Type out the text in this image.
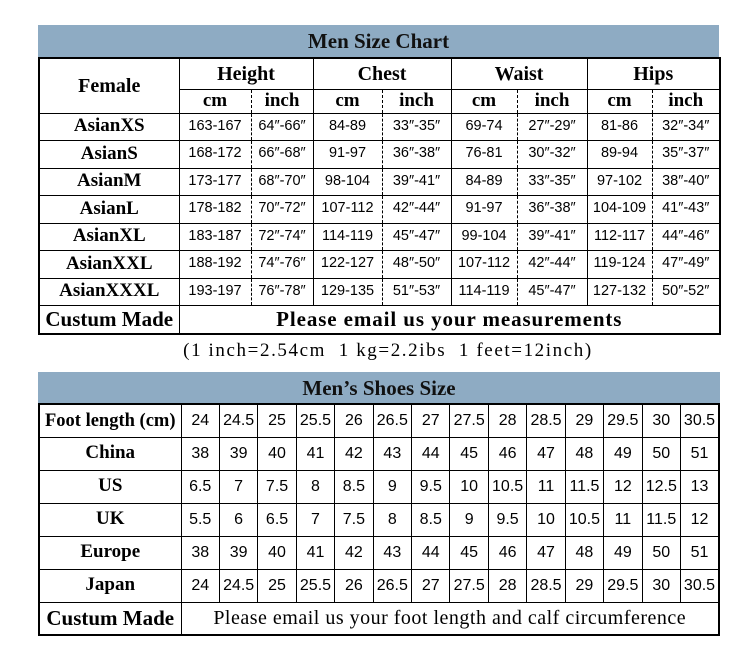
Men Size Chart
Female	Height		Chest		Waist		Hips	
	cm	inch	cm	inch	cm	inch	cm	inch
AsianXS	163-167	64″-66″	84-89	33″-35″	69-74	27″-29″	81-86	32″-34″
AsianS	168-172	66″-68″	91-97	36″-38″	76-81	30″-32″	89-94	35″-37″
AsianM	173-177	68″-70″	98-104	39″-41″	84-89	33″-35″	97-102	38″-40″
AsianL	178-182	70″-72″	107-112	42″-44″	91-97	36″-38″	104-109	41″-43″
AsianXL	183-187	72″-74″	114-119	45″-47″	99-104	39″-41″	112-117	44″-46″
AsianXXL	188-192	74″-76″	122-127	48″-50″	107-112	42″-44″	119-124	47″-49″
AsianXXXL	193-197	76″-78″	129-135	51″-53″	114-119	45″-47″	127-132	50″-52″
Custum Made	Please email us your measurements							
(1 inch=2.54cm  1 kg=2.2ibs  1 feet=12inch)
Men’s Shoes Size
Foot length (cm)	24	24.5	25	25.5	26	26.5	27	27.5	28	28.5	29	29.5	30	30.5
China	38	39	40	41	42	43	44	45	46	47	48	49	50	51
US	6.5	7	7.5	8	8.5	9	9.5	10	10.5	11	11.5	12	12.5	13
UK	5.5	6	6.5	7	7.5	8	8.5	9	9.5	10	10.5	11	11.5	12
Europe	38	39	40	41	42	43	44	45	46	47	48	49	50	51
Japan	24	24.5	25	25.5	26	26.5	27	27.5	28	28.5	29	29.5	30	30.5
Custum Made	Please email us your foot length and calf circumference													
